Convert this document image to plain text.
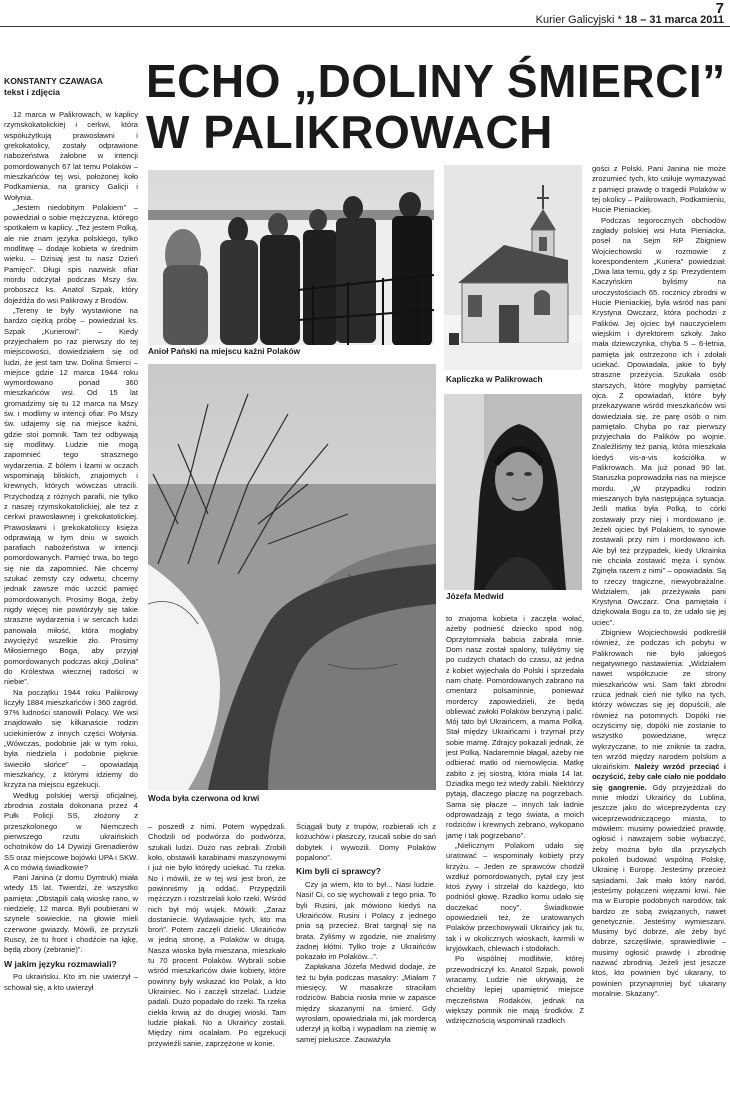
7
Kurier Galicyjski * 18 – 31 marca 2011
KONSTANTY CZAWAGA
tekst i zdjęcia	ECHO „DOLINY ŚMIERCI”
W PALIKROWACH

12 marca w Palikrowach, w kaplicy rzymskokatolickiej i cerkwi, która współużytkują prawosławni i grekokatolicy, zostały odprawione nabożeństwa żałobne w intencji pomordowanych 67 lat temu Polaków – mieszkańców tej wsi, położonej koło Podkamienia, na granicy Galicji i Wołynia.

„Jestem niedobitym Polakiem” – powiedział o sobie mężczyzna, którego spotkałem w kaplicy. „Też jestem Polką, ale nie znam języka polskiego, tylko modlitwę – dodaje kobieta w średnim wieku. – Dzisiaj jest tu nasz Dzień Pamięci”. Długi spis nazwisk ofiar mordu odczytał podczas Mszy św. proboszcz ks. Anatol Szpak, który dojeżdża do wsi Palikrowy z Brodów.

„Tereny te były wystawione na bardzo ciężką próbę – powiedział ks. Szpak „Kurierowi”. – Kiedy przyjechałem po raz pierwszy do tej miejscowości, dowiedziałem się od ludzi, że jest tam tzw. Dolina Śmierci – miejsce gdzie 12 marca 1944 roku wymordowano ponad 360 mieszkańców wsi. Od 15 lat gromadzimy się tu 12 marca na Mszy św. i modlimy w intencji ofiar. Po Mszy św. udajemy się na miejsce kaźni, gdzie stoi pomnik. Tam też odbywają się modlitwy. Ludzie nie mogą zapomnieć tego strasznego wydarzenia. Z bólem i łzami w oczach wspominają bliskich, znajomych i krewnych, których wówczas utracili. Przychodzą z różnych parafii, nie tylko z naszej rzymskokatolickiej, ale też z cerkwi prawosławnej i grekokatolickiej. Prawosławni i grekokatoliccy księża odprawiają w tym dniu w swoich parafiach nabożeństwa w intencji pomordowanych. Pamięć trwa, bo tego się nie da zapomnieć. Nie chcemy szukać zemsty czy odwetu, chcemy jednak zawsze móc uczcić pamięć pomordowanych. Prosimy Boga, żeby nigdy więcej nie powtórzyły się takie straszne wydarzenia i w sercach ludzi panowała miłość, która mogłaby zwyciężyć wszelkie zło. Prosimy Miłosiernego Boga, aby przyjął pomordowanych podczas akcji „Dolina” do Królestwa wiecznej radości w niebie”.

Na początku 1944 roku Palikrowy liczyły 1884 mieszkańców i 360 zagród. 97% ludności stanowili Polacy. We wsi znajdowało się kilkanaście rodzin uciekinierów z innych części Wołynia. „Wówczas, podobnie jak w tym roku, była niedziela i podobnie pięknie świeciło słońce” – opowiadają mieszkańcy, z którymi idziemy do krzyża na miejscu egzekucji.

Według polskiej wersji oficjalnej, zbrodnia została dokonana przez 4 Pułk Policji SS, złożony z przeszkolonego w Niemczech pierwszego rzutu ukraińskich ochotników do 14 Dywizji Grenadierów SS oraz miejscowe bojówki UPA i SKW. A co mówią świadkowie?

Pani Janina (z domu Dymtruk) miała wtedy 15 lat. Twierdzi, że wszystko pamięta: „Obstąpili całą wioskę rano, w niedzielę, 12 marca. Byli poubierani w szynele sowieckie, na głowie mieli czerwone gwiazdy. Mówili, że przyszli Ruscy, że tu front i chodźcie na łąkę, będą zbory (zebranie)”.

W jakim języku rozmawiali?

Po ukraińsku. Kto im nie uwierzył – schował się, a kto uwierzył

Anioł Pański na miejscu kaźni Polaków
Kapliczka w Palikrowach
Józefa Medwid
Woda była czerwona od krwi

– poszedł z nimi. Potem wypędzali. Chodzili od podwórza do podwórza, szukali ludzi. Dużo nas zebrali. Zrobili koło, obstawili karabinami maszynowymi i już nie było którędy uciekać. Tu rzeka. No i mówili, że w tej wsi jest broń, że powinniśmy ją oddać. Przypędzili mężczyzn i rozstrzelali koło rzeki. Wśród nich był mój wujek. Mówili: „Zaraz dostaniecie. Wydawajcie tych, kto ma broń”. Potem zaczęli dzielić. Ukraińców w jedną stronę, a Polaków w drugą. Nasza wioska była mieszana, mieszkało tu 70 procent Polaków. Wybrali sobie wśród mieszkańców dwie kobiety, które powinny były wskazać kto Polak, a kto Ukrainiec. No i zaczęli strzelać. Ludzie padali. Dużo popadało do rzeki. Ta rzeka ciekła krwią aż do drugiej wioski. Tam ludzie płakali. No a Ukraińcy zostali. Między nimi ocalałam. Po egzekucji przywieźli sanie, zaprzężone w konie.

Ściągali buty z trupów, rozbierali ich z kożuchów i płaszczy, rzucali sobie do sań dobytek i wywozili. Domy Polaków popalono”.

Kim byli ci sprawcy?

Czy ja wiem, kto to był... Nasi ludzie. Nasi! Ci, co się wychowali z tego pnia. To byli Rusini, jak mówiono kiedyś na Ukraińców. Rusini i Polacy z jednego pnia są przecież. Brat targnął się na brata. Żyliśmy w zgodzie, nie znaliśmy żadnej kłótni. Tylko troje z Ukraińców pokazało im Polaków...”.

Zapłakana Józefa Medwid dodaje, że też tu była podczas masakry: „Miałam 7 miesięcy. W masakrze straciłam rodziców. Babcia niosła mnie w zapasce między skazanymi na śmierć. Gdy wyrosłam, opowiedziała mi, jak mordercą uderzył ją kolbą i wypadłam na ziemię w samej pieluszce. Zauważyła

to znajoma kobieta i zaczęła wołać, ażeby podnieść dziecko spod nóg. Oprzytomniała babcia zabrała mnie. Dom nasz został spalony, tuliłyśmy się po cudzych chatach do czasu, aż jedna z kobiet wyjechała do Polski i sprzedała nam chatę. Pomordowanych zabrano na cmentarz polsaminnie, ponieważ mordercy zapowiedzieli, że będą obliewać zwłoki Polaków benzyną i palić. Mój tato był Ukraińcem, a mama Polką. Stał między Ukraińcami i trzymał przy sobie mamę. Zdrajcy pokazali jednak, że jest Polką. Nadaremnie błagał, ażeby nie odbierać matki od niemowlęcia. Matkę zabito z jej siostrą, która miała 14 lat. Dziadka mego też wtedy zabili. Niektórzy pytają, dlaczego płaczę na pogrzebach. Sama się płacze – innych tak ładnie odprowadzają z tego świata, a moich rodziców i krewnych zebrano, wykopano jamę i tak pogrzebano”.

„Nielicznym Polakom udało się uratować – wspominały kobiety przy krzyżu. – Jeden ze sprawców chodził wzdłuż pomordowanych, pytał czy jest ktoś żywy i strzelał do każdego, kto podniósł głowę. Rzadko komu udało się doczekać nocy”. Świadkowie opowiedzieli też, że uratowanych Polaków przechowywali Ukraińcy jak tu, tak i w okolicznych wioskach, karmili w kryjówkach, chlewach i stodołach.

Po wspólnej modlitwie, której przewodniczył ks. Anatol Szpak, powoli wracamy. Ludzie nie ukrywają, że chcieliby lepiej upamiętnić miejsce męczeństwa Rodaków, jednak na większy pomnik nie mają środków. Z wdzięcznością wspominali rzadkich

gości z Polski. Pani Janina nie może zrozumieć tych, kto usiłuje wymazywać z pamięci prawdę o tragedii Polaków w tej okolicy – Palikrowach, Podkamieniu, Hucie Pieniackiej.

Podczas tegorocznych obchodów zagłady polskiej wsi Huta Pieniacka, poseł na Sejm RP Zbigniew Wojciechowski w rozmowie z korespondentem „Kuriera” powiedział: „Dwa lata temu, gdy z śp. Prezydentem Kaczyńskim byliśmy na uroczystościach 65. rocznicy zbrodni w Hucie Pieniackiej, była wśród nas pani Krystyna Owczarz, która pochodzi z Palików. Jej ojciec był nauczycielem wiejskim i dyrektorem szkoły. Jako mała dziewczynka, chyba 5 – 6-letnia, pamięta jak ostrzeżono ich i zdołali uciekać. Opowiadała, jakie to były straszne przeżycia. Szukała osób starszych, które mogłyby pamiętać ojca. Z opowiadań, które były przekazywane wśród mieszkańców wsi dowiedziała się, że parę osób o nim pamiętało. Chyba po raz pierwszy przyjechała do Palików po wojnie. Znaleźliśmy też panią, która mieszkała kiedyś vis-a-vis kościółka w Palikrowach. Ma już ponad 90 lat. Staruszka poprowadziła nas na miejsce mordu. „W przypadku rodzin mieszanych była następująca sytuacja. Jeśli matka była Polką, to córki zostawały przy niej i mordowano je. Jeżeli ojciec był Polakiem, to synowie zostawali przy nim i mordowano ich. Ale był też przypadek, kiedy Ukrainka nie chciała zostawić męża i synów. Zginęła razem z nimi” – opowiadała. Są to rzeczy tragiczne, niewyobrażalne. Widziałem, jak przeżywała pani Krystyna Owczarz. Ona pamiętała i dziękowała Bogu za to, że udało się jej uciec”.

Zbigniew Wojciechowski podkreślił również, że podczas ich pobytu w Palikrowach nie było jakiegoś negatywnego nastawienia: „Widziałem nawet współczucie ze strony mieszkańców wsi. Sam fakt zbrodni rzuca jednak cień nie tylko na tych, którzy wówczas się jej dopuścili, ale również na potomnych. Dopóki nie oczyścimy się, dopóki nie zostanie to wszystko powiedziane, wręcz wykrzyczane, to nie zniknie ta zadra, ten wrzód między narodem polskim a ukraińskim. Należy wrzód przeciąć i oczyścić, żeby całe ciało nie poddało się gangrenie. Gdy przyjeżdżali do mnie młodzi Ukraińcy do Lublina, jeszcze jako do wiceprezydenta czy wiceprzewodniczącego miasta, to mówiłem: musimy powiedzieć prawdę, ogłosić i nawzajem sobie wybaczyć, żeby można było dla przyszłych pokoleń budować wspólną Polskę, Ukrainę i Europę. Jesteśmy przecież sąsiadami. Jak mało który naród, jesteśmy połączeni więzami krwi. Nie ma w Europie podobnych narodów, tak bardzo ze sobą związanych, nawet genetycznie. Jesteśmy wymieszani. Musimy być dobrze, ale żeby być dobrze, szczęśliwie, sprawiedliwie – musimy ogłosić prawdę i zbrodnię nazwać zbrodnią. Jeżeli jest jeszcze ktoś, kto powinien być ukarany, to powinien przynajmniej być ukarany moralnie. Skazany”.
